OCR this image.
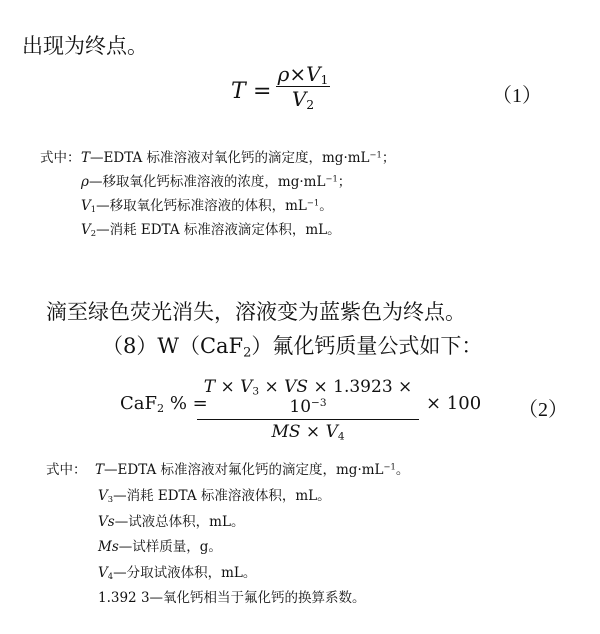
出现为终点。
T =
$\rho\times V_1$
$V_2$	（1）
式中： T—EDTA 标准溶液对氧化钙的滴定度，$mg\cdot mL^{-1}$；
ρ—移取氧化钙标准溶液的浓度，$mg\cdot mL^{-1}$；
$V_1—$移取氧化钙标准溶液的体积，$mL^{-1}$。
$V_2—$消耗 EDTA 标准溶液滴定体积，mL。
滴至绿色荧光消失，溶液变为蓝紫色为终点。
（8）W（CaF$_2$）氟化钙质量公式如下：
CaF$_2$ % =
$T \times V_3$ × VS × $1.3923 \times 10^{-3}$
MS × $V_4$
× 100 （2）
式中： T—EDTA 标准溶液对氟化钙的滴定度，$mg\cdot mL^{-1}$。
$V_3—$消耗 EDTA 标准溶液体积，mL。
Vs—试液总体积，mL。
Ms—试样质量，g。
$V_4—$分取试液体积，mL。
1.392 3—氧化钙相当于氟化钙的换算系数。
